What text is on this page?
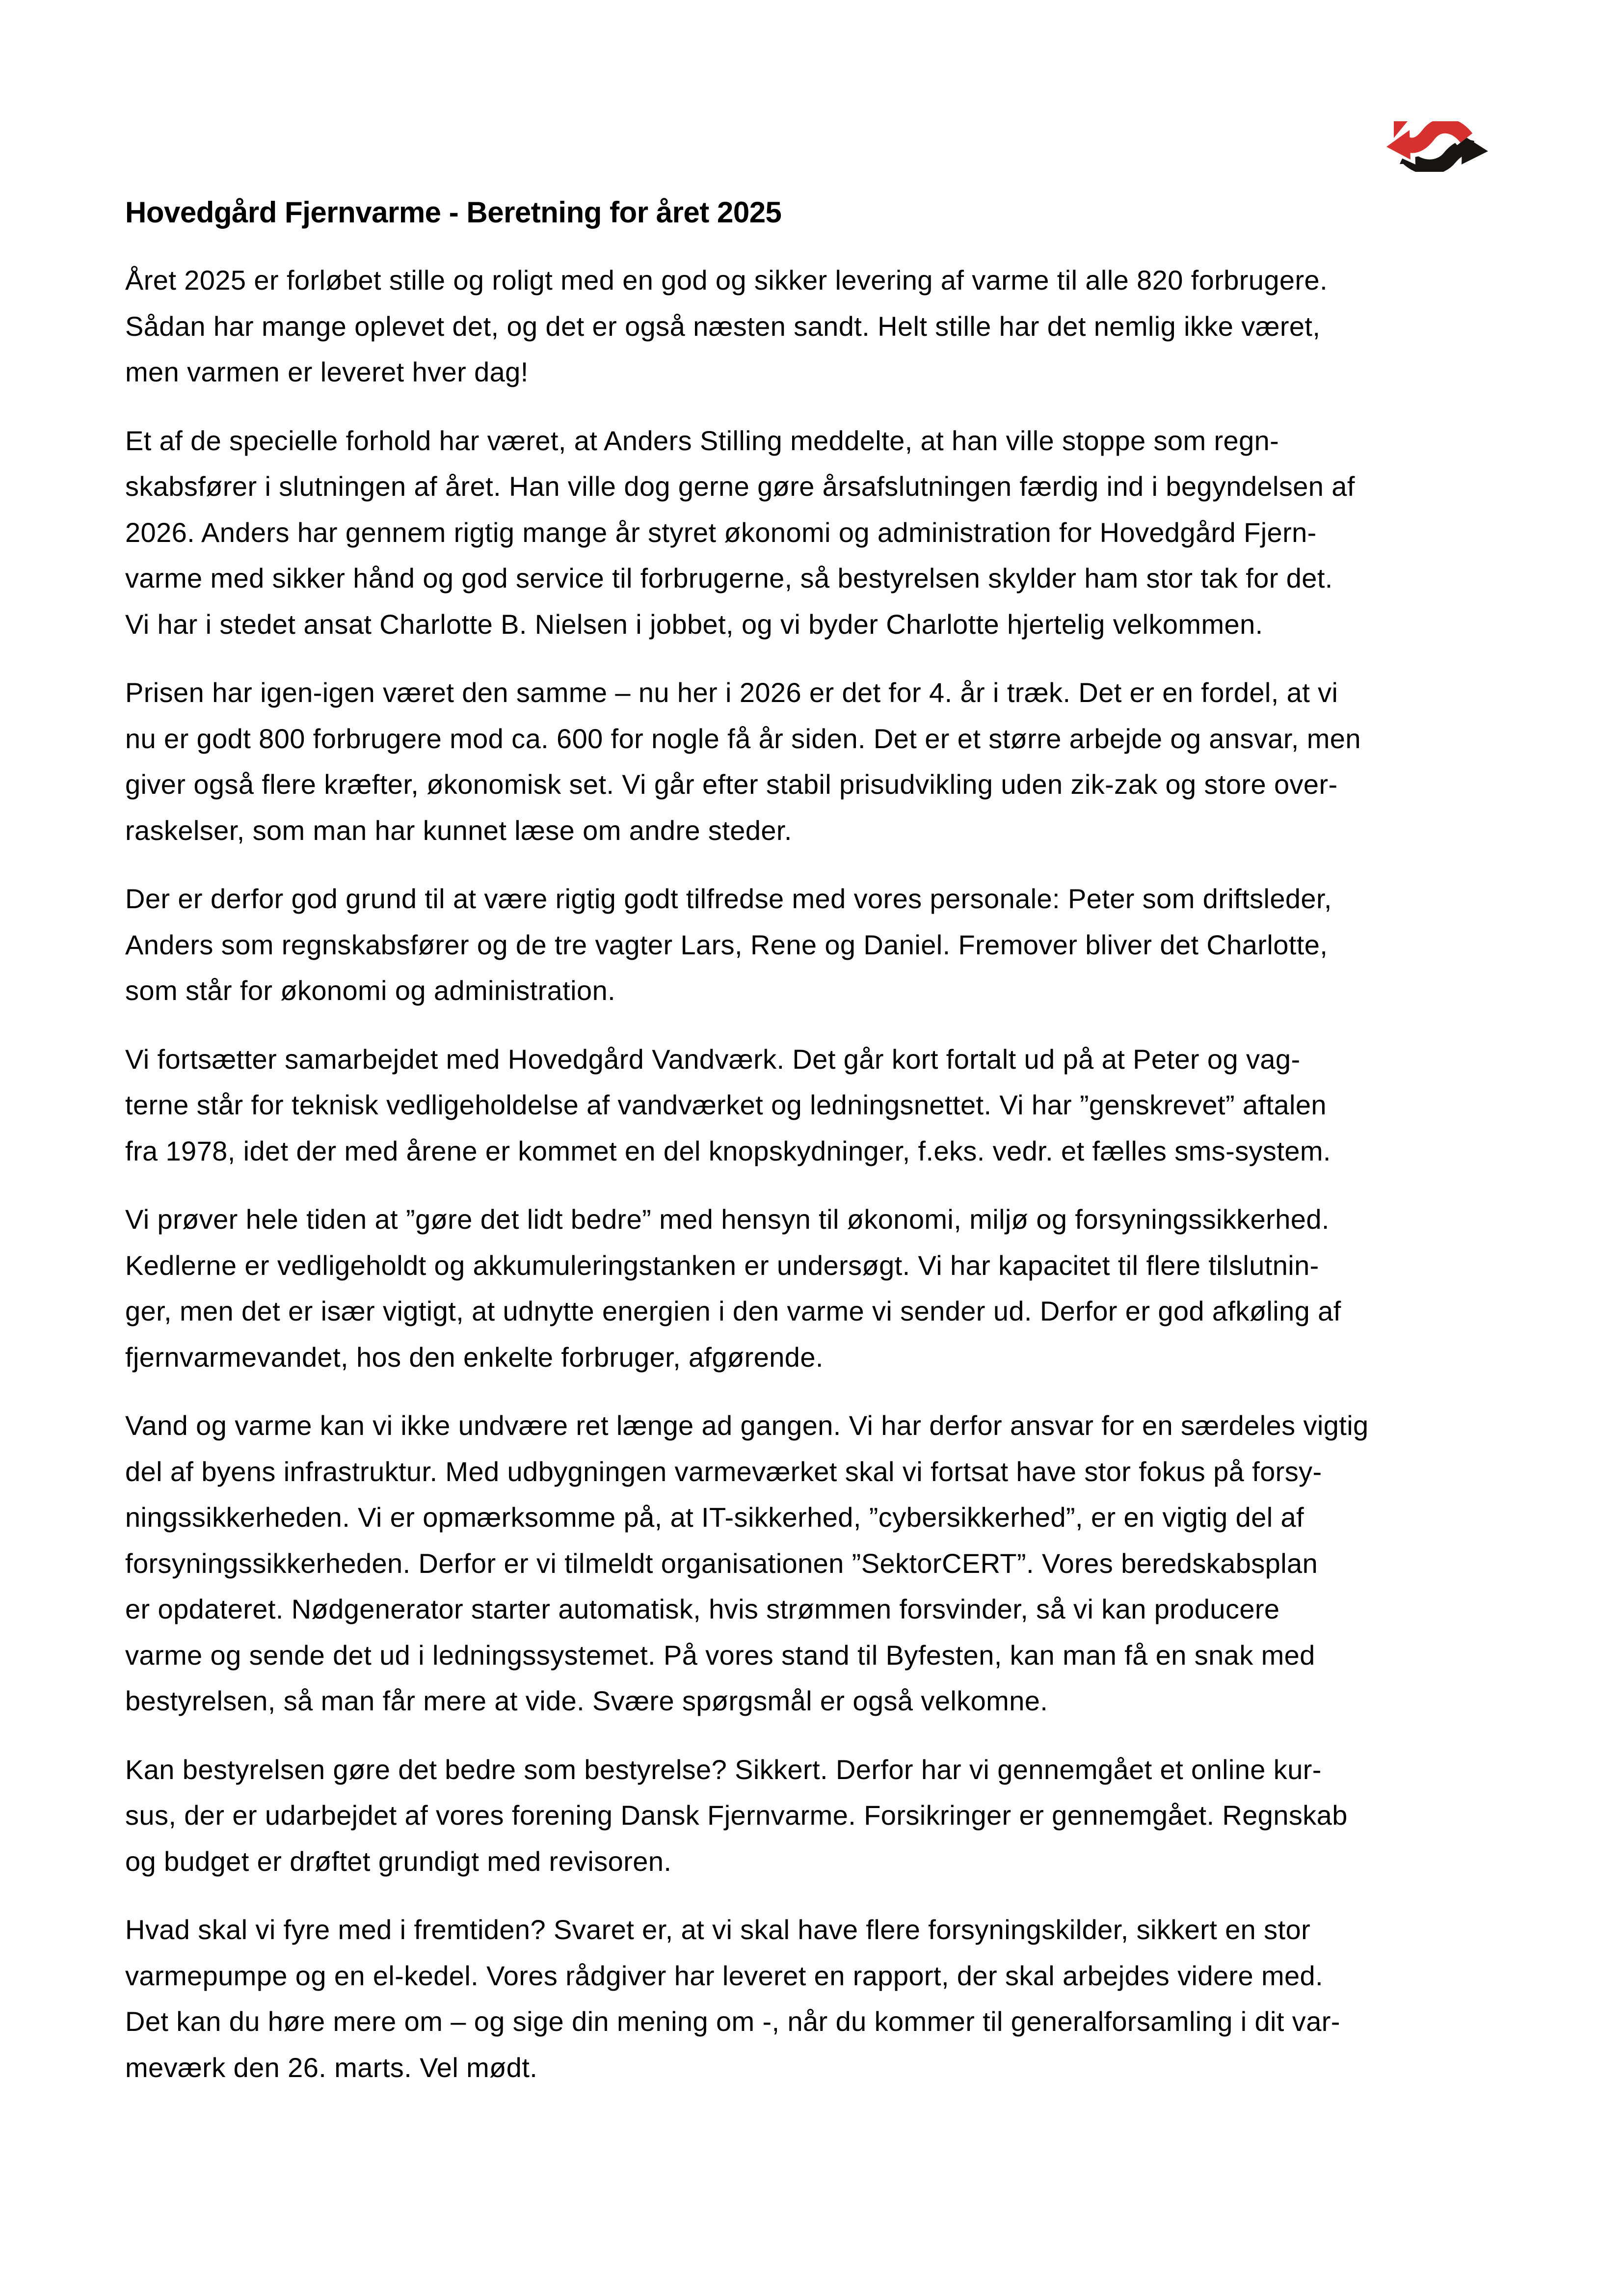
Hovedgård Fjernvarme - Beretning for året 2025
Året 2025 er forløbet stille og roligt med en god og sikker levering af varme til alle 820 forbrugere.
Sådan har mange oplevet det, og det er også næsten sandt. Helt stille har det nemlig ikke været,
men varmen er leveret hver dag!
Et af de specielle forhold har været, at Anders Stilling meddelte, at han ville stoppe som regn-
skabsfører i slutningen af året. Han ville dog gerne gøre årsafslutningen færdig ind i begyndelsen af
2026. Anders har gennem rigtig mange år styret økonomi og administration for Hovedgård Fjern-
varme med sikker hånd og god service til forbrugerne, så bestyrelsen skylder ham stor tak for det.
Vi har i stedet ansat Charlotte B. Nielsen i jobbet, og vi byder Charlotte hjertelig velkommen.
Prisen har igen-igen været den samme – nu her i 2026 er det for 4. år i træk. Det er en fordel, at vi
nu er godt 800 forbrugere mod ca. 600 for nogle få år siden. Det er et større arbejde og ansvar, men
giver også flere kræfter, økonomisk set. Vi går efter stabil prisudvikling uden zik-zak og store over-
raskelser, som man har kunnet læse om andre steder.
Der er derfor god grund til at være rigtig godt tilfredse med vores personale: Peter som driftsleder,
Anders som regnskabsfører og de tre vagter Lars, Rene og Daniel. Fremover bliver det Charlotte,
som står for økonomi og administration.
Vi fortsætter samarbejdet med Hovedgård Vandværk. Det går kort fortalt ud på at Peter og vag-
terne står for teknisk vedligeholdelse af vandværket og ledningsnettet. Vi har ”genskrevet” aftalen
fra 1978, idet der med årene er kommet en del knopskydninger, f.eks. vedr. et fælles sms-system.
Vi prøver hele tiden at ”gøre det lidt bedre” med hensyn til økonomi, miljø og forsyningssikkerhed.
Kedlerne er vedligeholdt og akkumuleringstanken er undersøgt. Vi har kapacitet til flere tilslutnin-
ger, men det er især vigtigt, at udnytte energien i den varme vi sender ud. Derfor er god afkøling af
fjernvarmevandet, hos den enkelte forbruger, afgørende.
Vand og varme kan vi ikke undvære ret længe ad gangen. Vi har derfor ansvar for en særdeles vigtig
del af byens infrastruktur. Med udbygningen varmeværket skal vi fortsat have stor fokus på forsy-
ningssikkerheden. Vi er opmærksomme på, at IT-sikkerhed, ”cybersikkerhed”, er en vigtig del af
forsyningssikkerheden. Derfor er vi tilmeldt organisationen ”SektorCERT”. Vores beredskabsplan
er opdateret. Nødgenerator starter automatisk, hvis strømmen forsvinder, så vi kan producere
varme og sende det ud i ledningssystemet. På vores stand til Byfesten, kan man få en snak med
bestyrelsen, så man får mere at vide. Svære spørgsmål er også velkomne.
Kan bestyrelsen gøre det bedre som bestyrelse? Sikkert. Derfor har vi gennemgået et online kur-
sus, der er udarbejdet af vores forening Dansk Fjernvarme. Forsikringer er gennemgået. Regnskab
og budget er drøftet grundigt med revisoren.
Hvad skal vi fyre med i fremtiden? Svaret er, at vi skal have flere forsyningskilder, sikkert en stor
varmepumpe og en el-kedel. Vores rådgiver har leveret en rapport, der skal arbejdes videre med.
Det kan du høre mere om – og sige din mening om -, når du kommer til generalforsamling i dit var-
meværk den 26. marts. Vel mødt.
